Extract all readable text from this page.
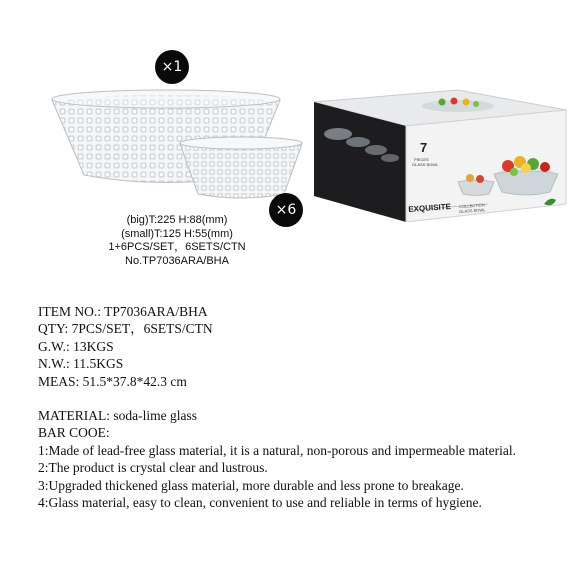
×1
×6
(big)T:225 H:88(mm)
(small)T:125 H:55(mm)
1+6PCS/SET，6SETS/CTN
No.TP7036ARA/BHA
7
PIECES
GLASS BOWL
EXQUISITE COLLECTION
GLASS BOWL
ITEM NO.: TP7036ARA/BHA
QTY: 7PCS/SET，6SETS/CTN
G.W.: 13KGS
N.W.: 11.5KGS
MEAS: 51.5*37.8*42.3 cm
MATERIAL: soda-lime glass
BAR COOE:
1:Made of lead-free glass material, it is a natural, non-porous and impermeable material.
2:The product is crystal clear and lustrous.
3:Upgraded thickened glass material, more durable and less prone to breakage.
4:Glass material, easy to clean, convenient to use and reliable in terms of hygiene.
